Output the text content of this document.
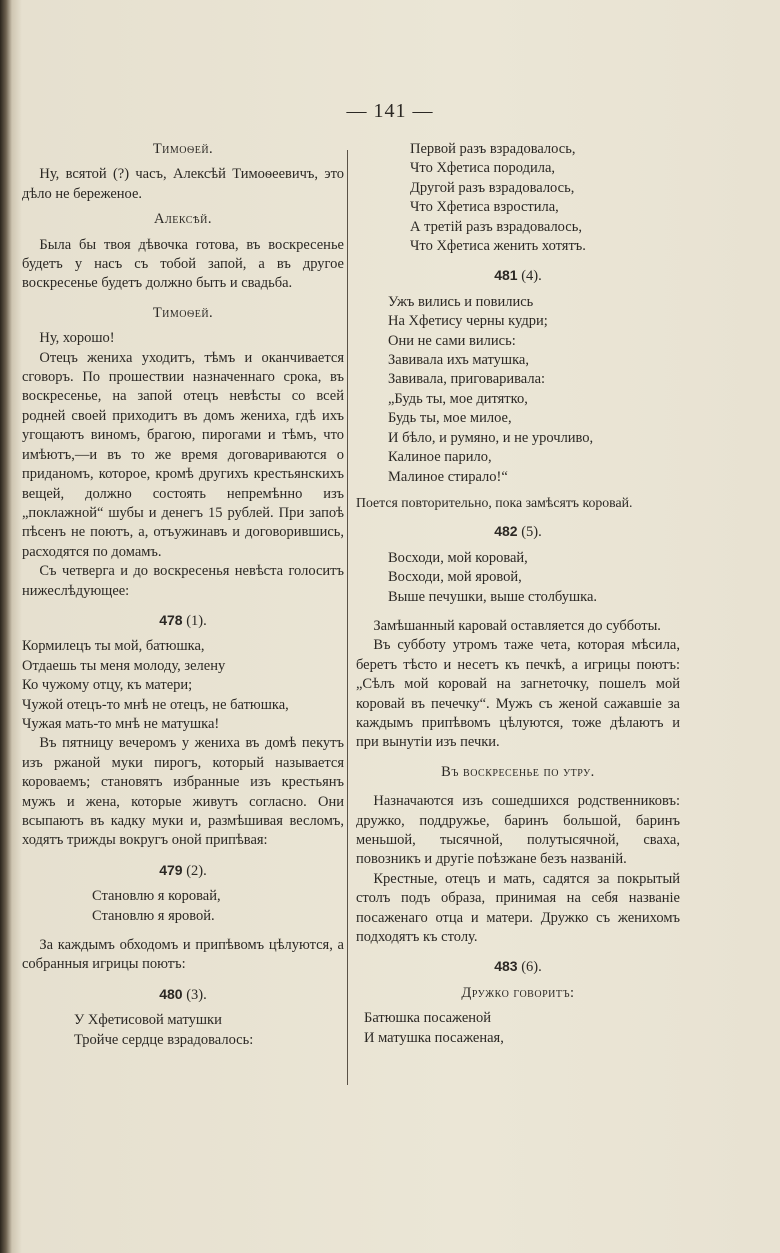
— 141 —
Тимоѳей.
Ну, всятой (?) часъ, Алексѣй Тимоѳеевичъ, это дѣло не береженое.
Алексѣй.
Была бы твоя дѣвочка готова, въ воскресенье будетъ у насъ съ тобой запой, а въ другое воскресенье будетъ должно быть и свадьба.
Тимоѳей.
Ну, хорошо!
Отецъ жениха уходитъ, тѣмъ и оканчивается сговоръ. По прошествии назначеннаго срока, въ воскресенье, на запой отецъ невѣсты со всей родней своей приходитъ въ домъ жениха, гдѣ ихъ угощаютъ виномъ, брагою, пирогами и тѣмъ, что имѣютъ,—и въ то же время договариваются о приданомъ, которое, кромѣ другихъ крестьянскихъ вещей, должно состоять непремѣнно изъ „поклажной“ шубы и денегъ 15 рублей. При запоѣ пѣсенъ не поютъ, а, отъужинавъ и договорившись, расходятся по домамъ.
Съ четверга и до воскресенья невѣста голоситъ нижеслѣдующее:
478 (1).
Кормилецъ ты мой, батюшка,
Отдаешь ты меня молоду, зелену
Ко чужому отцу, къ матери;
Чужой отецъ-то мнѣ не отецъ, не батюшка,
Чужая мать-то мнѣ не матушка!
Въ пятницу вечеромъ у жениха въ домѣ пекутъ изъ ржаной муки пирогъ, который называется короваемъ; становятъ избранные изъ крестьянъ мужъ и жена, которые живутъ согласно. Они всыпаютъ въ кадку муки и, размѣшивая весломъ, ходятъ трижды вокругъ оной припѣвая:
479 (2).
Становлю я коровай,
Становлю я яровой.
За каждымъ обходомъ и припѣвомъ цѣлуются, а собранныя игрицы поютъ:
480 (3).
У Хфетисовой матушки
Тройче сердце взрадовалось:
Первой разъ взрадовалось,
Что Хфетиса породила,
Другой разъ взрадовалось,
Что Хфетиса взростила,
А третій разъ взрадовалось,
Что Хфетиса женить хотятъ.
481 (4).
Ужъ вились и повились
На Хфетису черны кудри;
Они не сами вились:
Завивала ихъ матушка,
Завивала, приговаривала:
„Будь ты, мое дитятко,
Будь ты, мое милое,
И бѣло, и румяно, и не урочливо,
Калиное парило,
Малиное стирало!“
Поется повторительно, пока замѣсятъ коровай.
482 (5).
Восходи, мой коровай,
Восходи, мой яровой,
Выше печушки, выше столбушка.
Замѣшанный каровай оставляется до субботы.
Въ субботу утромъ таже чета, которая мѣсила, беретъ тѣсто и несетъ къ печкѣ, а игрицы поютъ: „Сѣлъ мой коровай на загнеточку, пошелъ мой коровай въ печечку“. Мужъ съ женой сажавшіе за каждымъ припѣвомъ цѣлуются, тоже дѣлаютъ и при вынутіи изъ печки.
Въ воскресенье по утру.
Назначаются изъ сошедшихся родственниковъ: дружко, поддружье, баринъ большой, баринъ меньшой, тысячной, полутысячной, сваха, повозникъ и другіе поѣзжане безъ названій.
Крестные, отецъ и мать, садятся за покрытый столъ подъ образа, принимая на себя названіе посаженаго отца и матери. Дружко съ женихомъ подходятъ къ столу.
483 (6).
Дружко говоритъ:
Батюшка посаженой
И матушка посаженая,
